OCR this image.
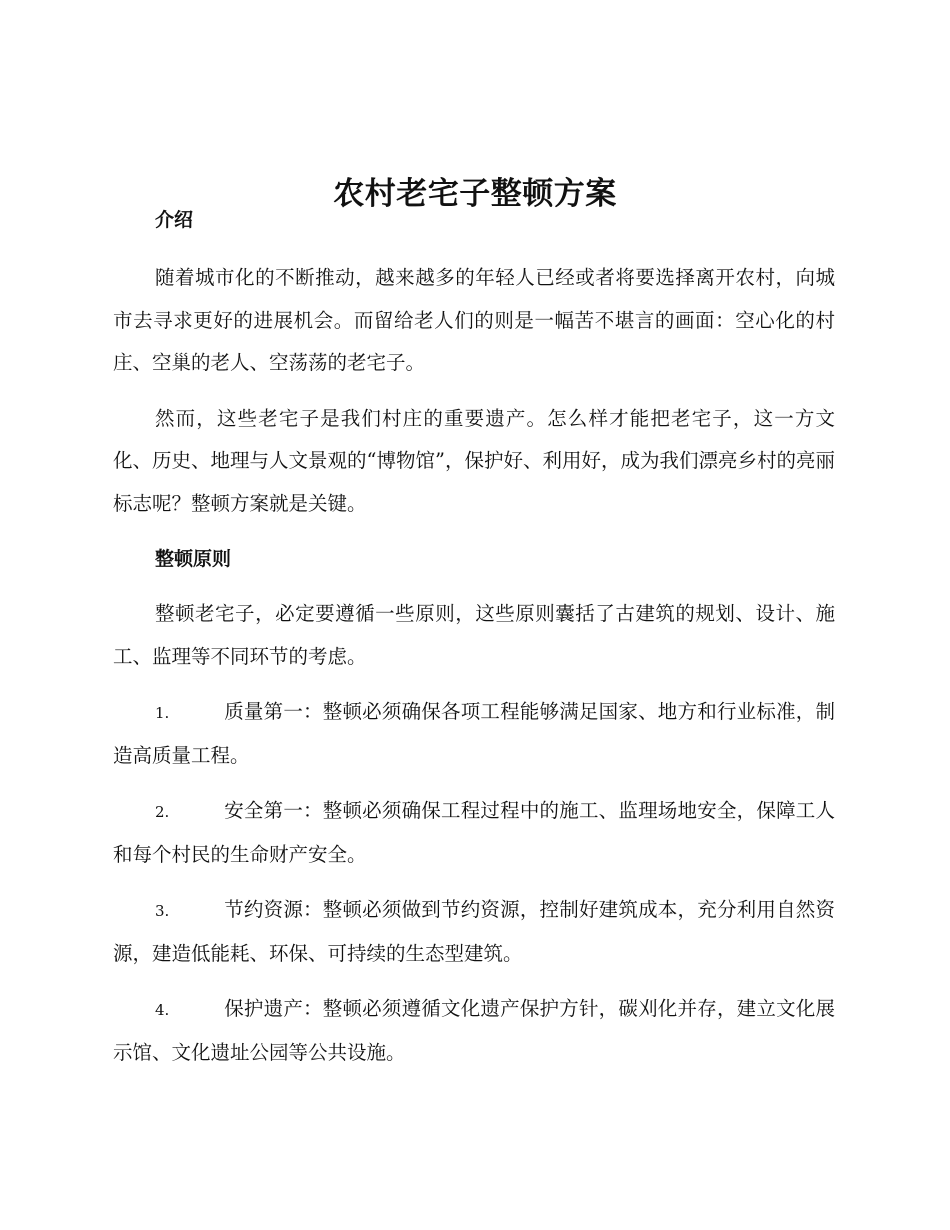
农村老宅子整顿方案

介绍

随着城市化的不断推动，越来越多的年轻人已经或者将要选择离开农村，向城市去寻求更好的进展机会。而留给老人们的则是一幅苦不堪言的画面：空心化的村庄、空巢的老人、空荡荡的老宅子。

然而，这些老宅子是我们村庄的重要遗产。怎么样才能把老宅子，这一方文化、历史、地理与人文景观的“博物馆”，保护好、利用好，成为我们漂亮乡村的亮丽标志呢？整顿方案就是关键。

整顿原则

整顿老宅子，必定要遵循一些原则，这些原则囊括了古建筑的规划、设计、施工、监理等不同环节的考虑。

1.	质量第一：整顿必须确保各项工程能够满足国家、地方和行业标准，制造高质量工程。

2.	安全第一：整顿必须确保工程过程中的施工、监理场地安全，保障工人和每个村民的生命财产安全。

3.	节约资源：整顿必须做到节约资源，控制好建筑成本，充分利用自然资源，建造低能耗、环保、可持续的生态型建筑。

4.	保护遗产：整顿必须遵循文化遗产保护方针，碳刈化并存，建立文化展示馆、文化遗址公园等公共设施。
